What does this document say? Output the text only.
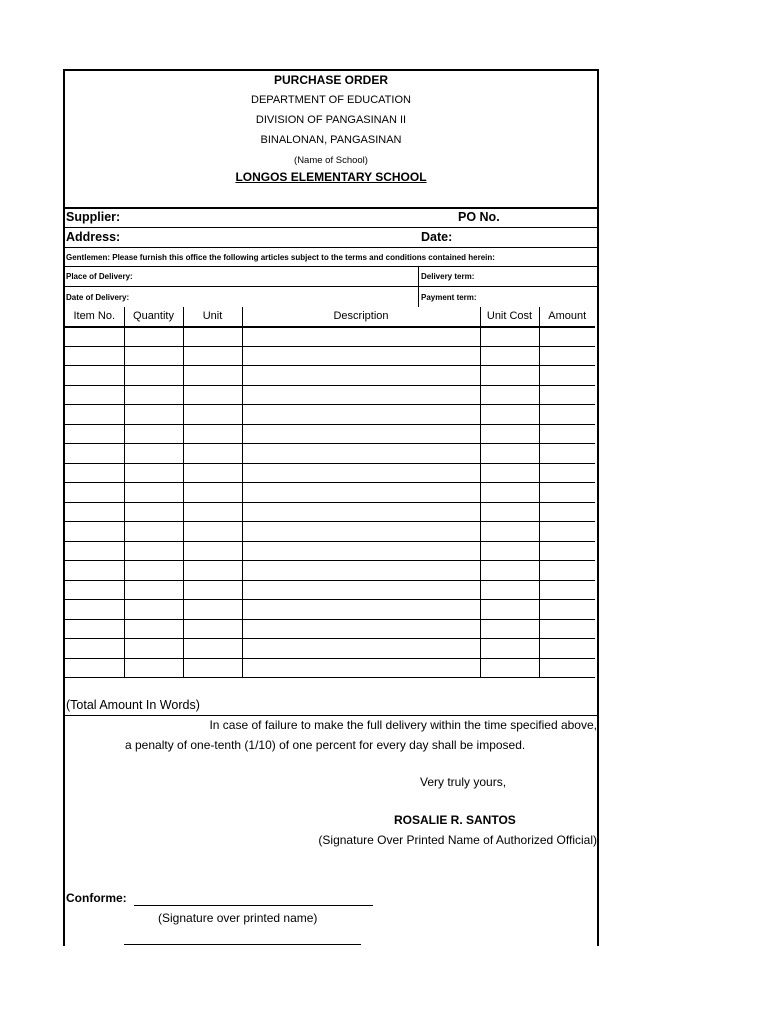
PURCHASE ORDER
DEPARTMENT OF EDUCATION
DIVISION OF PANGASINAN II
BINALONAN, PANGASINAN
(Name of School)
LONGOS ELEMENTARY SCHOOL
Supplier:	PO No.
Address:	Date:
Gentlemen: Please furnish this office the following articles subject to the terms and conditions contained herein:
Place of Delivery:	Delivery term:
Date of Delivery:	Payment term:
Item No.	Quantity	Unit	Description	Unit Cost	Amount

(Total Amount In Words)
In case of failure to make the full delivery within the time specified above,
a penalty of one-tenth (1/10) of one percent for every day shall be imposed.
Very truly yours,
ROSALIE R. SANTOS
(Signature Over Printed Name of Authorized Official)
Conforme:
(Signature over printed name)
